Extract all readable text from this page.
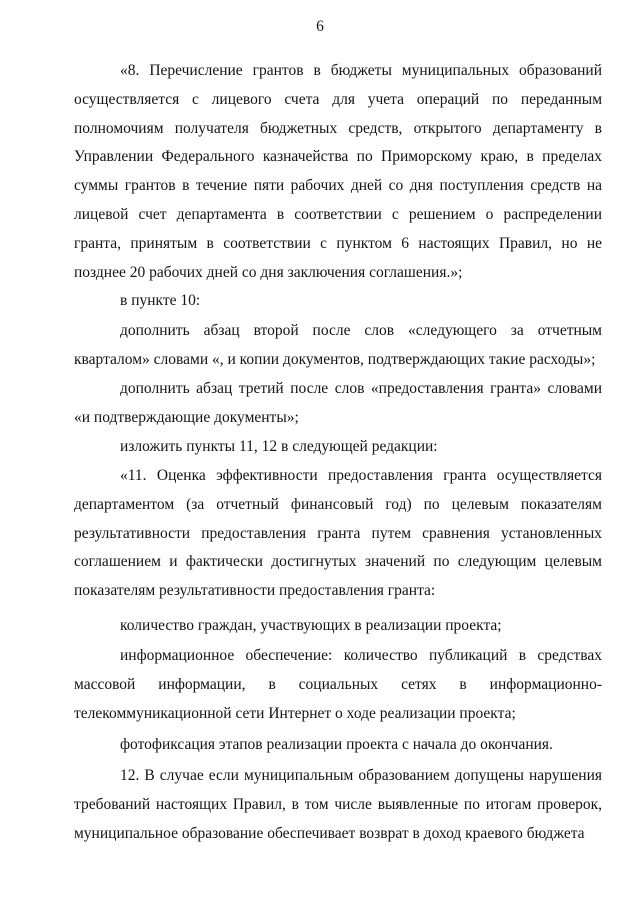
6

«8. Перечисление грантов в бюджеты муниципальных образований осуществляется с лицевого счета для учета операций по переданным полномочиям получателя бюджетных средств, открытого департаменту в Управлении Федерального казначейства по Приморскому краю, в пределах суммы грантов в течение пяти рабочих дней со дня поступления средств на лицевой счет департамента в соответствии с решением о распределении гранта, принятым в соответствии с пунктом 6 настоящих Правил, но не позднее 20 рабочих дней со дня заключения соглашения.»;

в пункте 10:

дополнить абзац второй после слов «следующего за отчетным кварталом» словами «, и копии документов, подтверждающих такие расходы»;

дополнить абзац третий после слов «предоставления гранта» словами «и подтверждающие документы»;

изложить пункты 11, 12 в следующей редакции:

«11. Оценка эффективности предоставления гранта осуществляется департаментом (за отчетный финансовый год) по целевым показателям результативности предоставления гранта путем сравнения установленных соглашением и фактически достигнутых значений по следующим целевым показателям результативности предоставления гранта:

количество граждан, участвующих в реализации проекта;

информационное обеспечение: количество публикаций в средствах массовой информации, в социальных сетях в информационно-телекоммуникационной сети Интернет о ходе реализации проекта;

фотофиксация этапов реализации проекта с начала до окончания.

12. В случае если муниципальным образованием допущены нарушения требований настоящих Правил, в том числе выявленные по итогам проверок, муниципальное образование обеспечивает возврат в доход краевого бюджета
